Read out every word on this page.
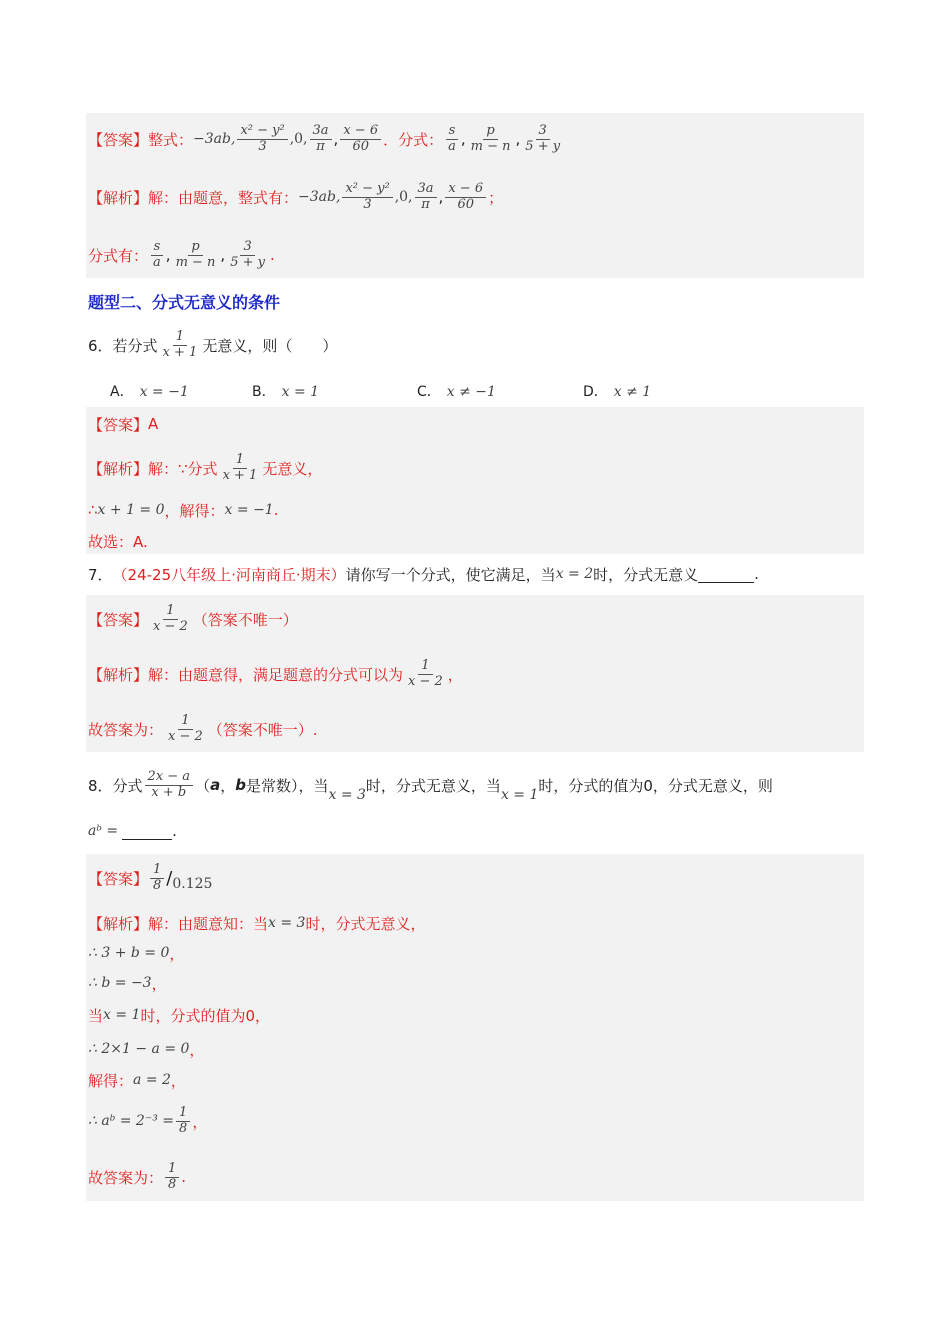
【答案】 整式： −3ab, $\frac{\text{x² − y²}}{3} ,0$, $\frac{3a}{\pi}$ , $\frac{x - 6}{60}$ ．分式： $\frac{s}{a}$ , $\frac{p}{m - n}$ , $\frac{3}{5 + y}$
【解析】 解：由题意，整式有： −3ab, $\frac{\text{x² − y²}}{3} ,0$, $\frac{3a}{\pi}$ , $\frac{x - 6}{60}$ ；
分式有： $\frac{s}{a}$ , $\frac{p}{m - n}$ , $\frac{3}{5 + y}$ .
题型二、分式无意义的条件
6．若分式 $\frac{1}{x + 1}$ 无意义，则（　　）
A． x = −1	B． x = 1	C． x ≠ −1	D． x ≠ 1
【答案】 A
【解析】 解：∵分式 $\frac{1}{x + 1}$ 无意义，
∴ x + 1 = 0 ，解得： x = −1 .
故选：A.
7． （24-25八年级上·河南商丘·期末） 请你写一个分式，使它满足，当 x = 2 时，分式无意义	.
【答案】 $\frac{1}{x - 2}$ （答案不唯一）
【解析】 解：由题意得，满足题意的分式可以为 $\frac{1}{x - 2}$ ，
故答案为： $\frac{1}{x - 2}$ （答案不唯一）.
8．分式 $\frac{2x - a}{x + b}$ （ a ， b 是常数），当
x = 3
时，分式无意义，当
x = 1
时，分式的值为0，分式无意义，则
aᵇ =	.
【答案】 $\frac{1}{8} / 0.125$
【解析】 解：由题意知：当 x = 3 时，分式无意义，
∴ 3 + b = 0 ，
∴ b = −3 ，
当 x = 1 时，分式的值为0，
∴ 2×1 − a = 0 ，
解得： a = 2 ，
∴ aᵇ = $2^{-3} = \frac{1}{8}$ ，
故答案为： $\frac{1}{8}$ .
